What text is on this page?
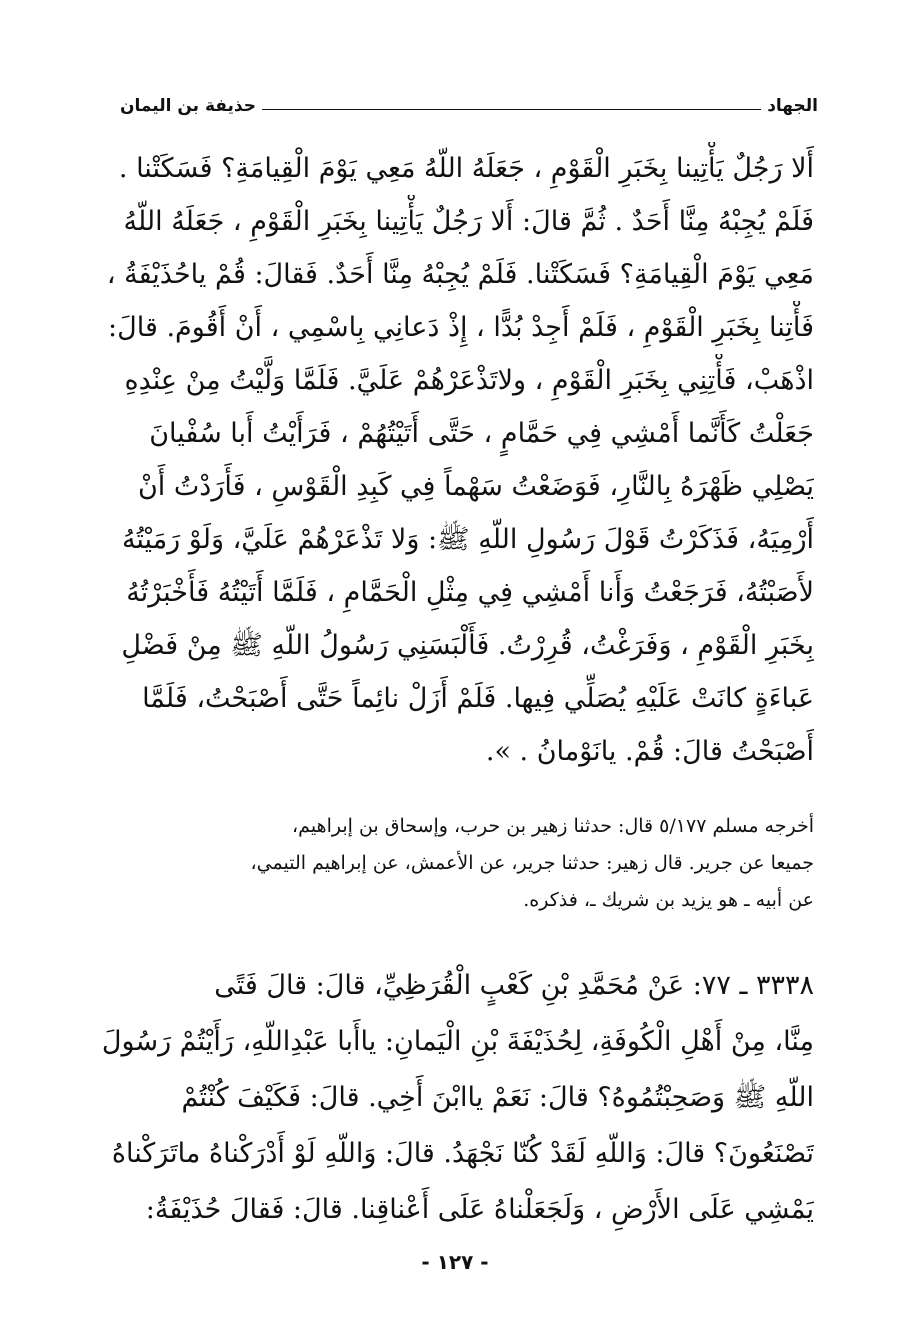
الجهاد
حذيفة بن اليمان
أَلا رَجُلٌ يَأْتِينا بِخَبَرِ الْقَوْمِ ، جَعَلَهُ اللّهُ مَعِي يَوْمَ الْقِيامَةِ؟ فَسَكَتْنا .
فَلَمْ يُجِبْهُ مِنَّا أَحَدٌ . ثُمَّ قالَ: أَلا رَجُلٌ يَأْتِينا بِخَبَرِ الْقَوْمِ ، جَعَلَهُ اللّهُ
مَعِي يَوْمَ الْقِيامَةِ؟ فَسَكَتْنا. فَلَمْ يُجِبْهُ مِنَّا أَحَدٌ. فَقالَ: قُمْ ياحُذَيْفَةُ ،
فَأْتِنا بِخَبَرِ الْقَوْمِ ، فَلَمْ أَجِدْ بُدًّا ، إِذْ دَعانِي بِاسْمِي ، أَنْ أَقُومَ. قالَ:
اذْهَبْ، فَأْتِنِي بِخَبَرِ الْقَوْمِ ، ولاتَذْعَرْهُمْ عَلَيَّ. فَلَمَّا وَلَّيْتُ مِنْ عِنْدِهِ
جَعَلْتُ كَأَنَّما أَمْشِي فِي حَمَّامٍ ، حَتَّى أَتَيْتُهُمْ ، فَرَأَيْتُ أَبا سُفْيانَ
يَصْلِي ظَهْرَهُ بِالنَّارِ، فَوَضَعْتُ سَهْماً فِي كَبِدِ الْقَوْسِ ، فَأَرَدْتُ أَنْ
أَرْمِيَهُ، فَذَكَرْتُ قَوْلَ رَسُولِ اللّهِ ﷺ: وَلا تَذْعَرْهُمْ عَلَيَّ، وَلَوْ رَمَيْتُهُ
لأَصَبْتُهُ، فَرَجَعْتُ وَأَنا أَمْشِي فِي مِثْلِ الْحَمَّامِ ، فَلَمَّا أَتَيْتُهُ فَأَخْبَرْتُهُ
بِخَبَرِ الْقَوْمِ ، وَفَرَغْتُ، قُرِرْتُ. فَأَلْبَسَنِي رَسُولُ اللّهِ ﷺ مِنْ فَضْلِ
عَباءَةٍ كانَتْ عَلَيْهِ يُصَلِّي فِيها. فَلَمْ أَزَلْ نائِماً حَتَّى أَصْبَحْتُ، فَلَمَّا
أَصْبَحْتُ قالَ: قُمْ. يانَوْمانُ . ».
أخرجه مسلم ٥/١٧٧ قال: حدثنا زهير بن حرب، وإسحاق بن إبراهيم،
جميعا عن جرير. قال زهير: حدثنا جرير، عن الأعمش، عن إبراهيم التيمي،
عن أبيه ـ هو يزيد بن شريك ـ، فذكره.
٣٣٣٨ ـ ٧٧: عَنْ مُحَمَّدِ بْنِ كَعْبٍ الْقُرَظِيِّ، قالَ: قالَ فَتًى
مِنَّا، مِنْ أَهْلِ الْكُوفَةِ، لِحُذَيْفَةَ بْنِ الْيَمانِ: ياأَبا عَبْدِاللّهِ، رَأَيْتُمْ رَسُولَ
اللّهِ ﷺ وَصَحِبْتُمُوهُ؟ قالَ: نَعَمْ ياابْنَ أَخِي. قالَ: فَكَيْفَ كُنْتُمْ
تَصْنَعُونَ؟ قالَ: وَاللّهِ لَقَدْ كُنّا نَجْهَدُ. قالَ: وَاللّهِ لَوْ أَدْرَكْناهُ ماتَرَكْناهُ
يَمْشِي عَلَى الأَرْضِ ، وَلَجَعَلْناهُ عَلَى أَعْناقِنا. قالَ: فَقالَ حُذَيْفَةُ:
- ١٢٧ -
